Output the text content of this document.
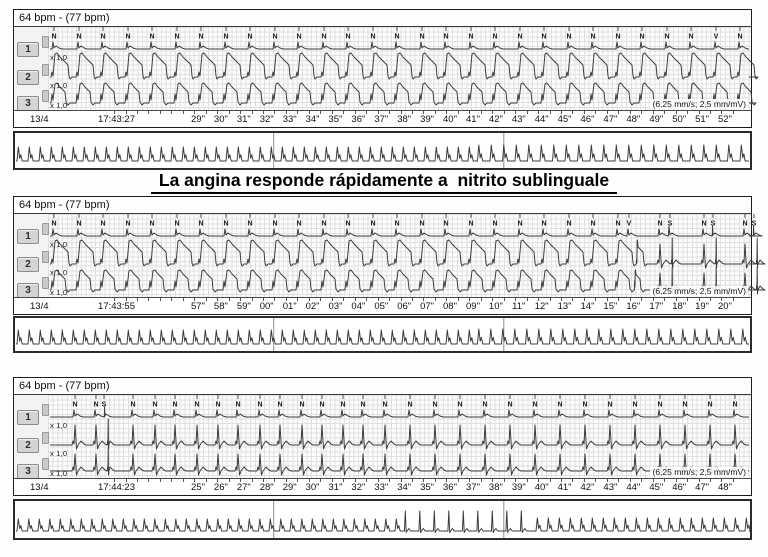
64 bpm - (77 bpm)
N	N	N	N	N	N	N	N	N	N	N	N	N	N	N	N	N	N	N	N	N	N	N	N	N	N	N	V	N
1
2
3
x 1,0
x 1,0
x 1,0	(6,25 mm/s; 2,5 mm/mV)
13/4	17:43:27	29" 30" 31" 32" 33" 34" 35" 36" 37" 38" 39" 40" 41" 42" 43" 44" 45" 46" 47" 48" 49" 50" 51" 52"
La angina responde rápidamente a  nitrito sublinguale
64 bpm - (77 bpm)
N	N	N	N	N	N	N	N	N	N	N	N	N	N	N	N	N	N	N	N	N	N	N	N V	N S	N S	N S
1
2
3
x 1,0
x 1,0
x 1,0	(6,25 mm/s; 2,5 mm/mV)
13/4	17:43:55	57" 58" 59" 00" 01" 02" 03" 04" 05" 06" 07" 08" 09" 10" 11" 12" 13" 14" 15" 16" 17" 18" 19" 20"
64 bpm - (77 bpm)
N N S	N N N N N N N N N N N N N	N	N	N	N	N	N	N	N	N	N	N	N	N	N
1
2
3
x 1,0
x 1,0
x 1,0	(6,25 mm/s; 2,5 mm/mV)
13/4	17:44:23	25" 26" 27" 28" 29" 30" 31" 32" 33" 34" 35" 36" 37" 38" 39" 40" 41" 42" 43" 44" 45" 46" 47" 48"
